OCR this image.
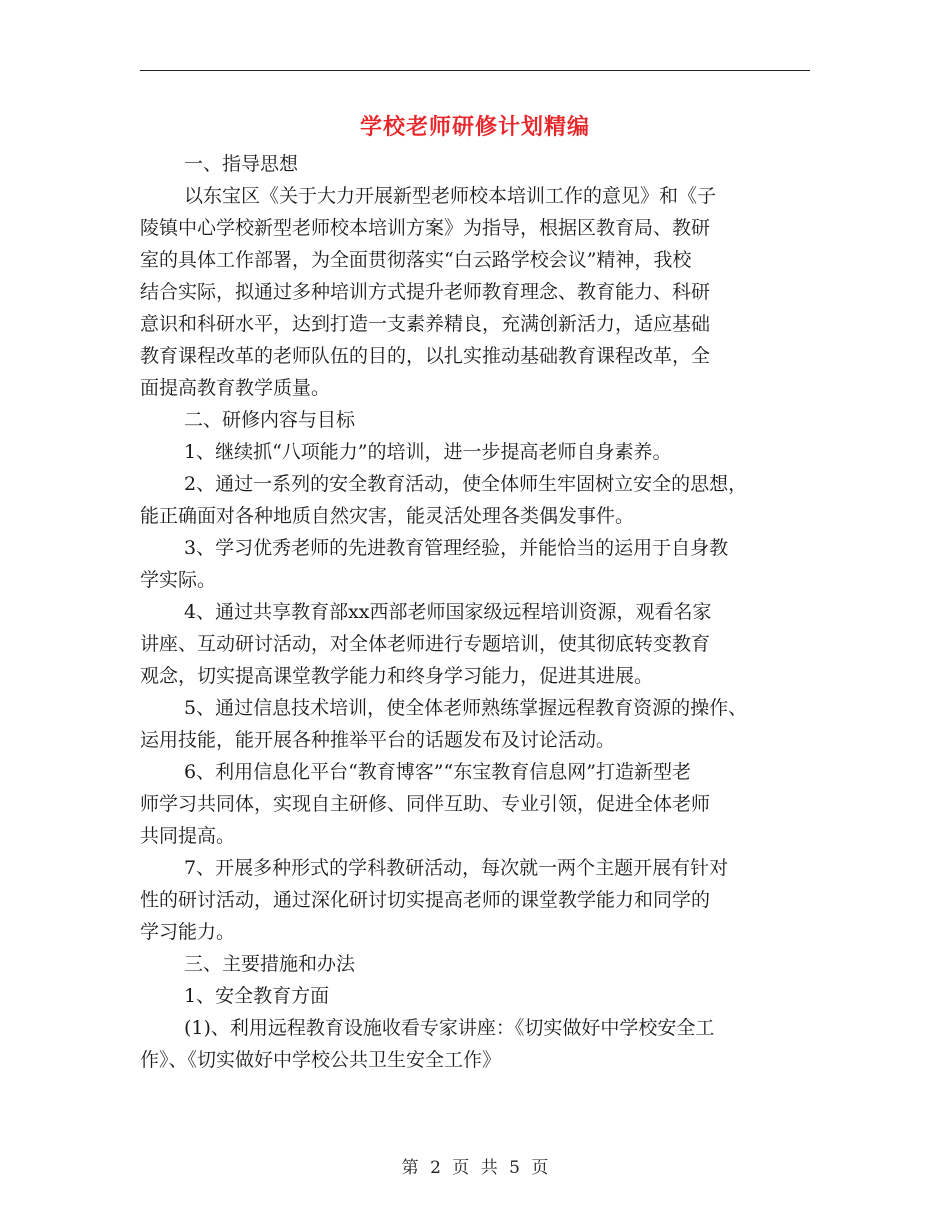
学校老师研修计划精编

一、指导思想

以东宝区《关于大力开展新型老师校本培训工作的意见》和《子

陵镇中心学校新型老师校本培训方案》为指导，根据区教育局、教研

室的具体工作部署，为全面贯彻落实“白云路学校会议”精神，我校

结合实际，拟通过多种培训方式提升老师教育理念、教育能力、科研

意识和科研水平，达到打造一支素养精良，充满创新活力，适应基础

教育课程改革的老师队伍的目的，以扎实推动基础教育课程改革，全

面提高教育教学质量。

二、研修内容与目标

1、继续抓“八项能力”的培训，进一步提高老师自身素养。

2、通过一系列的安全教育活动，使全体师生牢固树立安全的思想，

能正确面对各种地质自然灾害，能灵活处理各类偶发事件。

3、学习优秀老师的先进教育管理经验，并能恰当的运用于自身教

学实际。

4、通过共享教育部xx西部老师国家级远程培训资源，观看名家

讲座、互动研讨活动，对全体老师进行专题培训，使其彻底转变教育

观念，切实提高课堂教学能力和终身学习能力，促进其进展。

5、通过信息技术培训，使全体老师熟练掌握远程教育资源的操作、

运用技能，能开展各种推举平台的话题发布及讨论活动。

6、利用信息化平台“教育博客”“东宝教育信息网”打造新型老

师学习共同体，实现自主研修、同伴互助、专业引领，促进全体老师

共同提高。

7、开展多种形式的学科教研活动，每次就一两个主题开展有针对

性的研讨活动，通过深化研讨切实提高老师的课堂教学能力和同学的

学习能力。

三、主要措施和办法

1、安全教育方面

(1)、利用远程教育设施收看专家讲座：《切实做好中学校安全工

作》、《切实做好中学校公共卫生安全工作》

第 2 页 共 5 页
